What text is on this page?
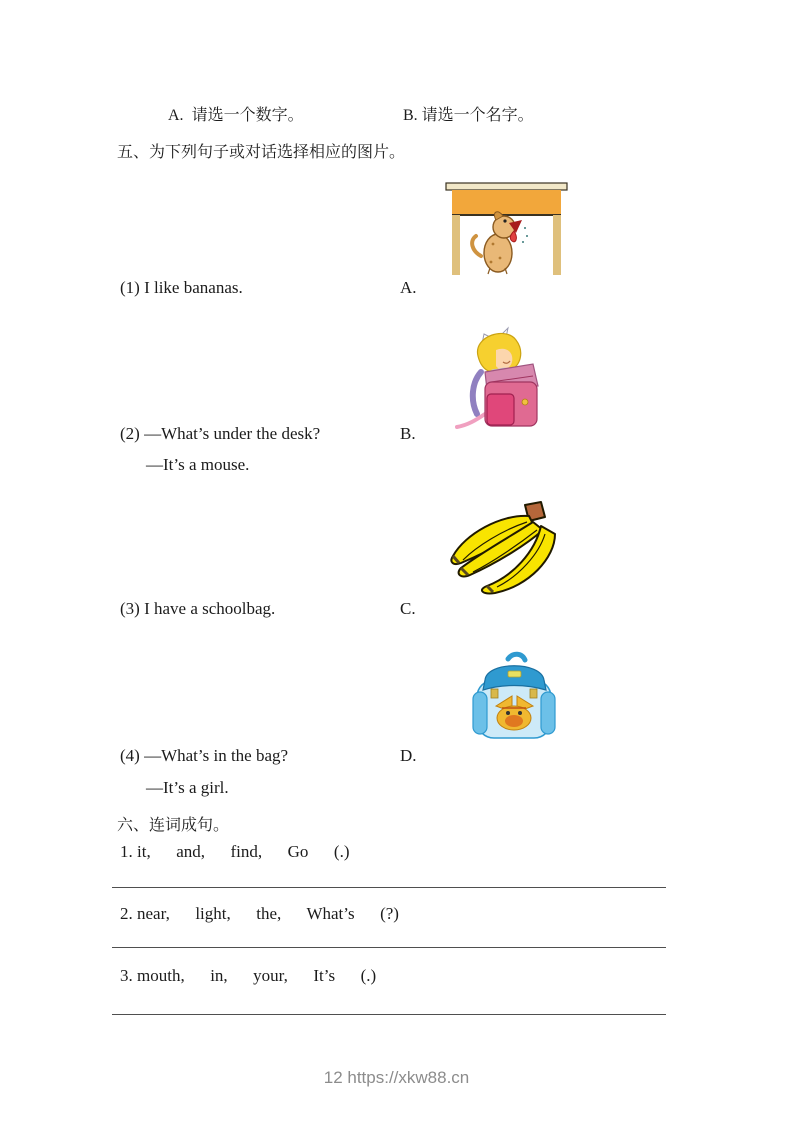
A. 请选一个数字。	B. 请选一个名字。
五、为下列句子或对话选择相应的图片。
(1) I like bananas.	A.
(2) —What’s under the desk?	B.
—It’s a mouse.
(3) I have a schoolbag.	C.
(4) —What’s in the bag?	D.
—It’s a girl.
六、连词成句。
1. it,      and,      find,      Go      (.)
2. near,      light,      the,      What’s      (?)
3. mouth,      in,      your,      It’s      (.)
12 https://xkw88.cn
